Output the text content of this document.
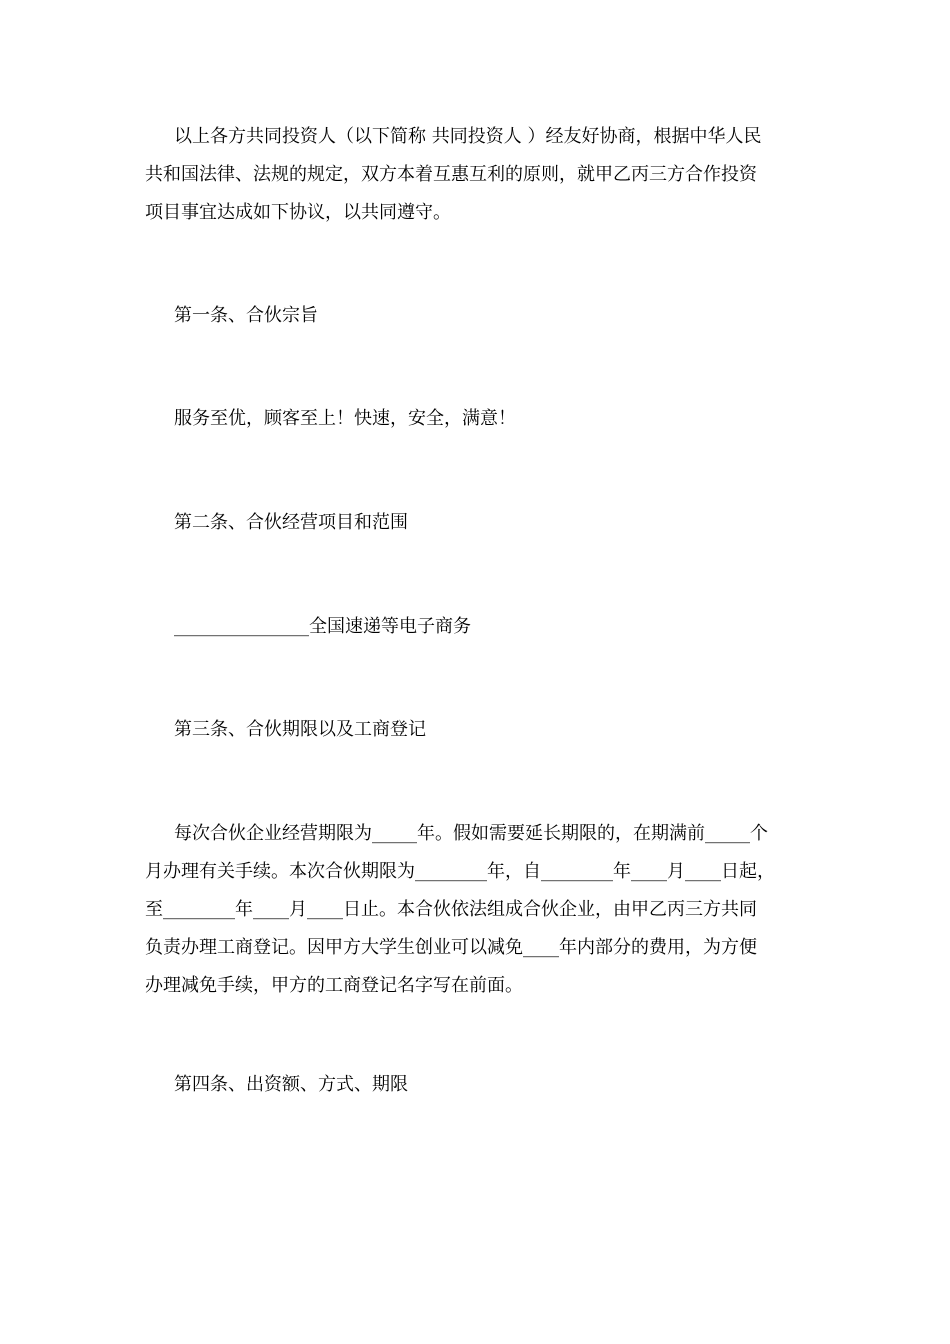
以上各方共同投资人（以下简称 共同投资人 ）经友好协商，根据中华人民
共和国法律、法规的规定，双方本着互惠互利的原则，就甲乙丙三方合作投资
项目事宜达成如下协议，以共同遵守。

第一条、合伙宗旨

服务至优，顾客至上！快速，安全，满意！

第二条、合伙经营项目和范围

_______________全国速递等电子商务

第三条、合伙期限以及工商登记

每次合伙企业经营期限为_____年。假如需要延长期限的，在期满前_____个
月办理有关手续。本次合伙期限为________年，自________年____月____日起，
至________年____月____日止。本合伙依法组成合伙企业，由甲乙丙三方共同
负责办理工商登记。因甲方大学生创业可以减免____年内部分的费用，为方便
办理减免手续，甲方的工商登记名字写在前面。

第四条、出资额、方式、期限
